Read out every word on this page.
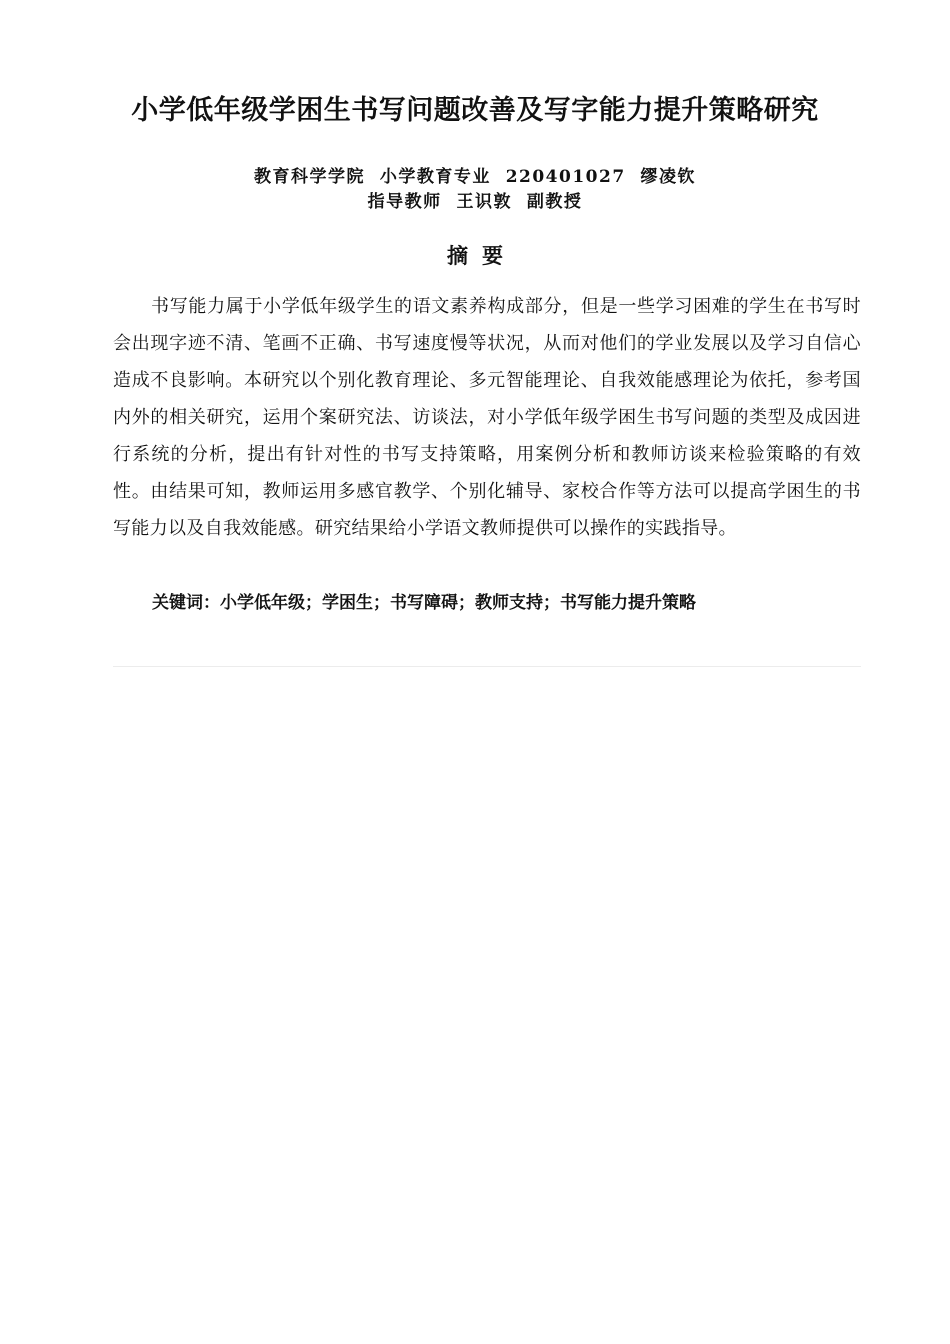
小学低年级学困生书写问题改善及写字能力提升策略研究

教育科学学院  小学教育专业  220401027  缪凌钦

指导教师  王识敦  副教授

摘要

书写能力属于小学低年级学生的语文素养构成部分，但是一些学习困难的学生在书写时会出现字迹不清、笔画不正确、书写速度慢等状况，从而对他们的学业发展以及学习自信心造成不良影响。本研究以个别化教育理论、多元智能理论、自我效能感理论为依托，参考国内外的相关研究，运用个案研究法、访谈法，对小学低年级学困生书写问题的类型及成因进行系统的分析，提出有针对性的书写支持策略，用案例分析和教师访谈来检验策略的有效性。由结果可知，教师运用多感官教学、个别化辅导、家校合作等方法可以提高学困生的书写能力以及自我效能感。研究结果给小学语文教师提供可以操作的实践指导。

关键词：小学低年级；学困生；书写障碍；教师支持；书写能力提升策略
